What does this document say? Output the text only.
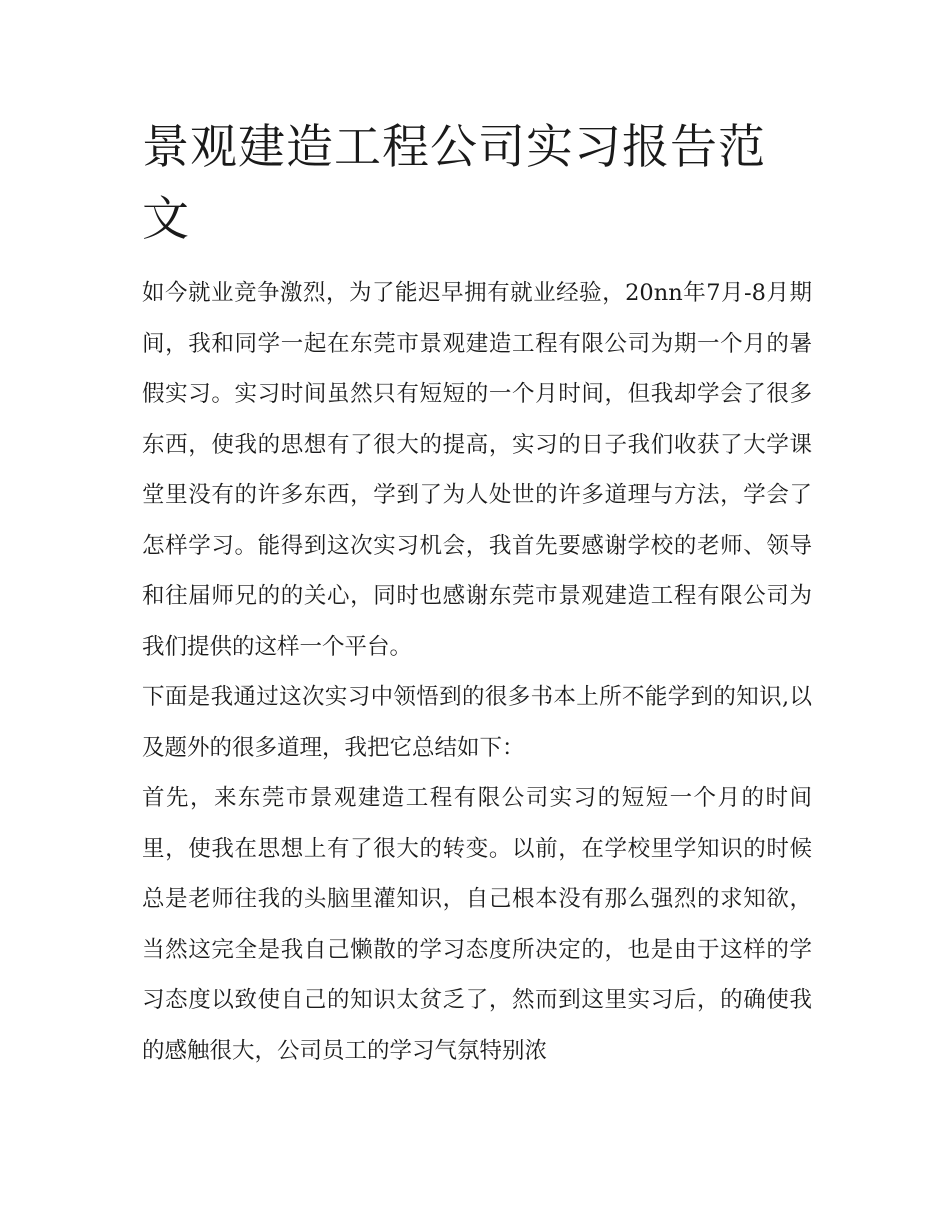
景观建造工程公司实习报告范文

如今就业竞争激烈，为了能迟早拥有就业经验，20nn年7月-8月期间，我和同学一起在东莞市景观建造工程有限公司为期一个月的暑假实习。实习时间虽然只有短短的一个月时间，但我却学会了很多东西，使我的思想有了很大的提高，实习的日子我们收获了大学课堂里没有的许多东西，学到了为人处世的许多道理与方法，学会了怎样学习。能得到这次实习机会，我首先要感谢学校的老师、领导和往届师兄的的关心，同时也感谢东莞市景观建造工程有限公司为我们提供的这样一个平台。

下面是我通过这次实习中领悟到的很多书本上所不能学到的知识,以及题外的很多道理，我把它总结如下：

首先，来东莞市景观建造工程有限公司实习的短短一个月的时间里，使我在思想上有了很大的转变。以前，在学校里学知识的时候总是老师往我的头脑里灌知识，自己根本没有那么强烈的求知欲，当然这完全是我自己懒散的学习态度所决定的，也是由于这样的学习态度以致使自己的知识太贫乏了，然而到这里实习后，的确使我的感触很大，公司员工的学习气氛特别浓
